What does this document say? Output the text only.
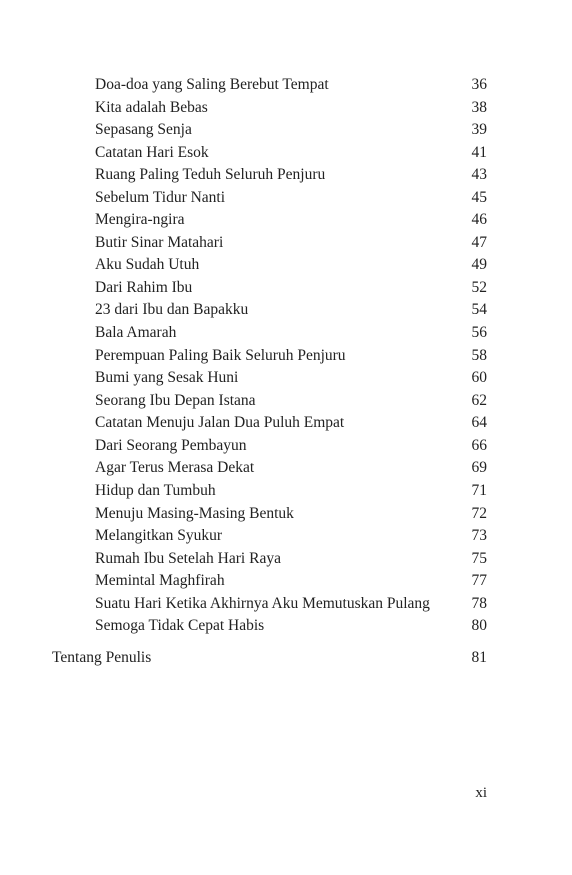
Doa-doa yang Saling Berebut Tempat	36
Kita adalah Bebas	38
Sepasang Senja	39
Catatan Hari Esok	41
Ruang Paling Teduh Seluruh Penjuru	43
Sebelum Tidur Nanti	45
Mengira-ngira	46
Butir Sinar Matahari	47
Aku Sudah Utuh	49
Dari Rahim Ibu	52
23 dari Ibu dan Bapakku	54
Bala Amarah	56
Perempuan Paling Baik Seluruh Penjuru	58
Bumi yang Sesak Huni	60
Seorang Ibu Depan Istana	62
Catatan Menuju Jalan Dua Puluh Empat	64
Dari Seorang Pembayun	66
Agar Terus Merasa Dekat	69
Hidup dan Tumbuh	71
Menuju Masing-Masing Bentuk	72
Melangitkan Syukur	73
Rumah Ibu Setelah Hari Raya	75
Memintal Maghfirah	77
Suatu Hari Ketika Akhirnya Aku Memutuskan Pulang	78
Semoga Tidak Cepat Habis	80
Tentang Penulis	81
xi
